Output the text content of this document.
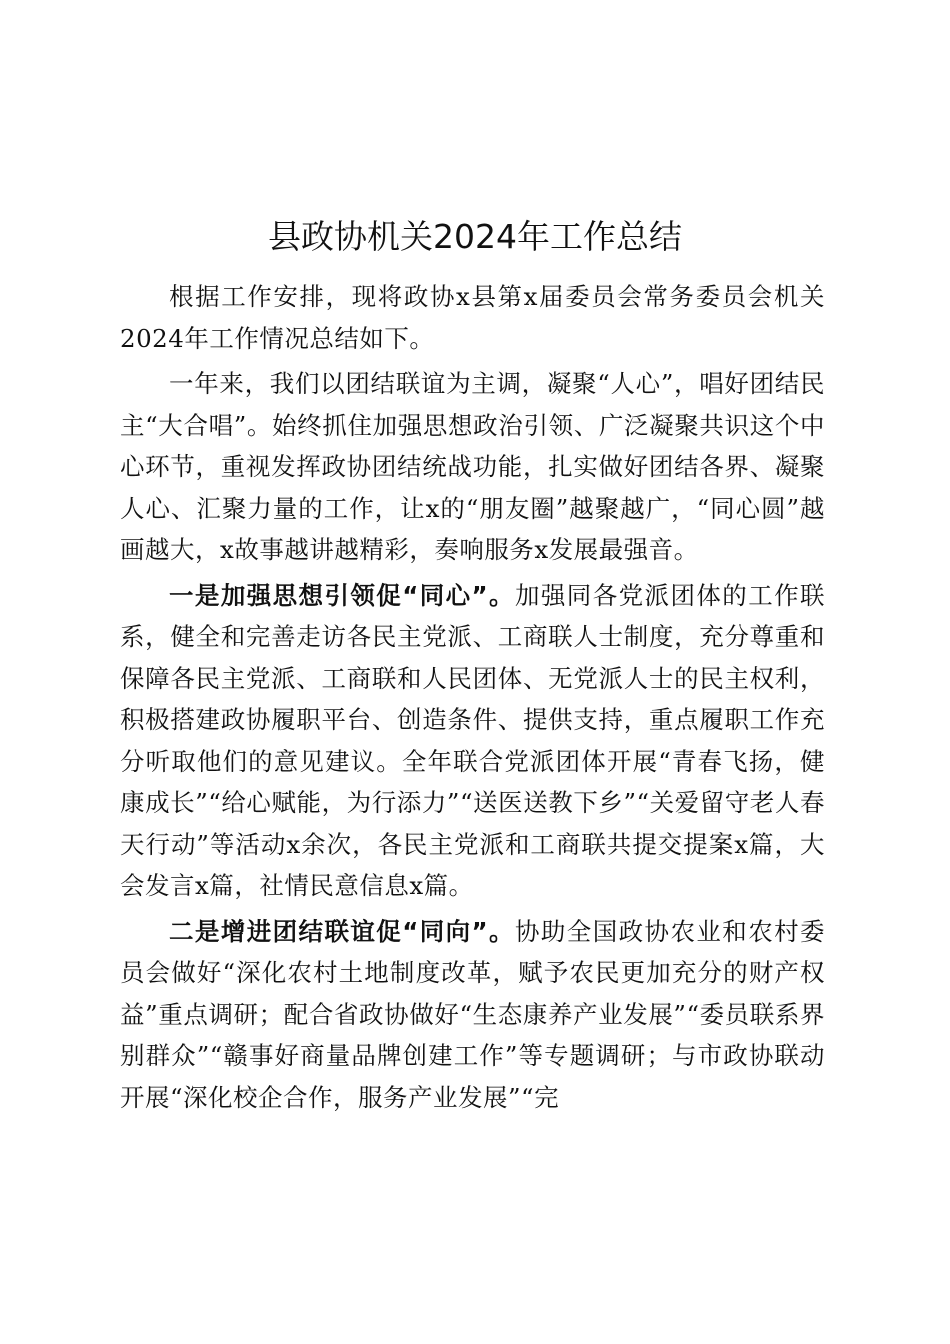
县政协机关2024年工作总结

根据工作安排，现将政协x县第x届委员会常务委员会机关2024年工作情况总结如下。

一年来，我们以团结联谊为主调，凝聚“人心”，唱好团结民主“大合唱”。始终抓住加强思想政治引领、广泛凝聚共识这个中心环节，重视发挥政协团结统战功能，扎实做好团结各界、凝聚人心、汇聚力量的工作，让x的“朋友圈”越聚越广，“同心圆”越画越大，x故事越讲越精彩，奏响服务x发展最强音。

一是加强思想引领促“同心”。加强同各党派团体的工作联系，健全和完善走访各民主党派、工商联人士制度，充分尊重和保障各民主党派、工商联和人民团体、无党派人士的民主权利，积极搭建政协履职平台、创造条件、提供支持，重点履职工作充分听取他们的意见建议。全年联合党派团体开展“青春飞扬，健康成长”“给心赋能，为行添力”“送医送教下乡”“关爱留守老人春天行动”等活动x余次，各民主党派和工商联共提交提案x篇，大会发言x篇，社情民意信息x篇。

二是增进团结联谊促“同向”。协助全国政协农业和农村委员会做好“深化农村土地制度改革，赋予农民更加充分的财产权益”重点调研；配合省政协做好“生态康养产业发展”“委员联系界别群众”“赣事好商量品牌创建工作”等专题调研；与市政协联动开展“深化校企合作，服务产业发展”“完
